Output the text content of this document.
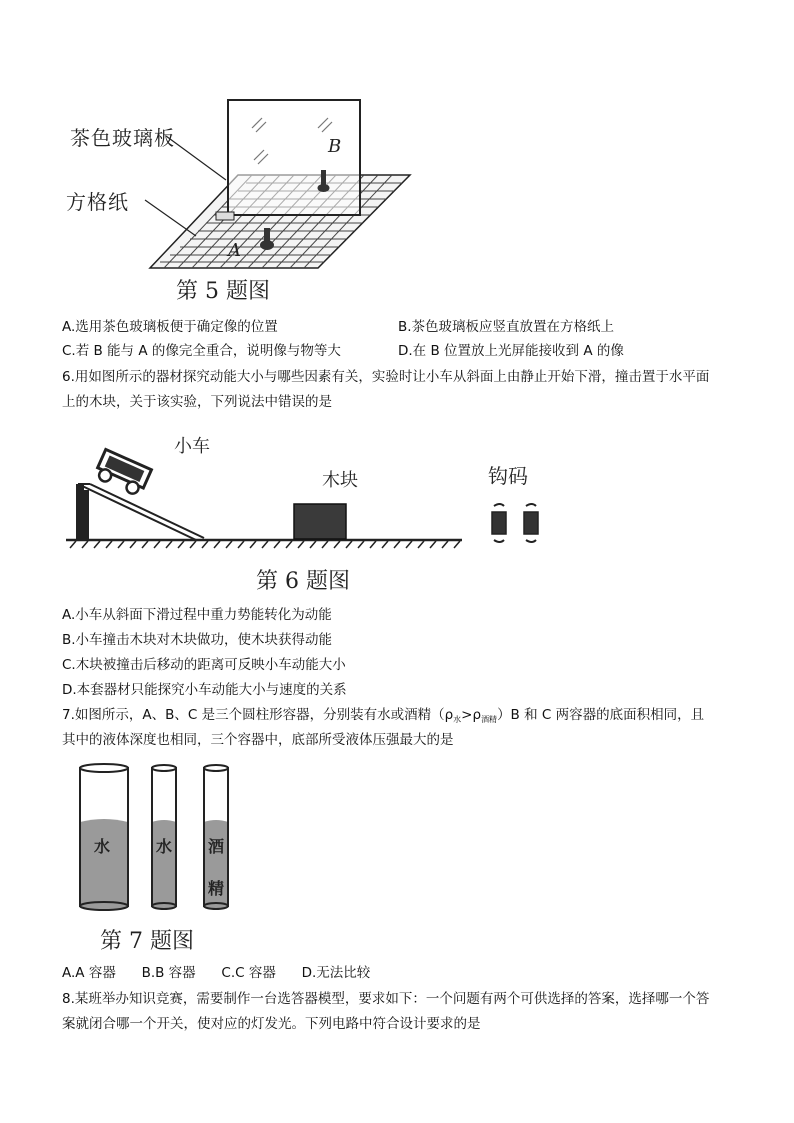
茶色玻璃板
方格纸
B
A
第 5 题图
A.选用茶色玻璃板便于确定像的位置	B.茶色玻璃板应竖直放置在方格纸上
C.若 B 能与 A 的像完全重合，说明像与物等大	D.在 B 位置放上光屏能接收到 A 的像
6.用如图所示的器材探究动能大小与哪些因素有关，实验时让小车从斜面上由静止开始下滑，撞击置于水平面
上的木块，关于该实验，下列说法中错误的是
小车
木块	钩码
第 6 题图
A.小车从斜面下滑过程中重力势能转化为动能
B.小车撞击木块对木块做功，使木块获得动能
C.木块被撞击后移动的距离可反映小车动能大小
D.本套器材只能探究小车动能大小与速度的关系
7.如图所示，A、B、C 是三个圆柱形容器，分别装有水或酒精$(\rho_水>\rho_{酒精})B$ 和 C 两容器的底面积相同，且
其中的液体深度也相同，三个容器中，底部所受液体压强最大的是
水	水 酒
精
第 7 题图
A.A 容器      B.B 容器      C.C 容器      D.无法比较
8.某班举办知识竞赛，需要制作一台选答器模型，要求如下：一个问题有两个可供选择的答案，选择哪一个答
案就闭合哪一个开关，使对应的灯发光。下列电路中符合设计要求的是
